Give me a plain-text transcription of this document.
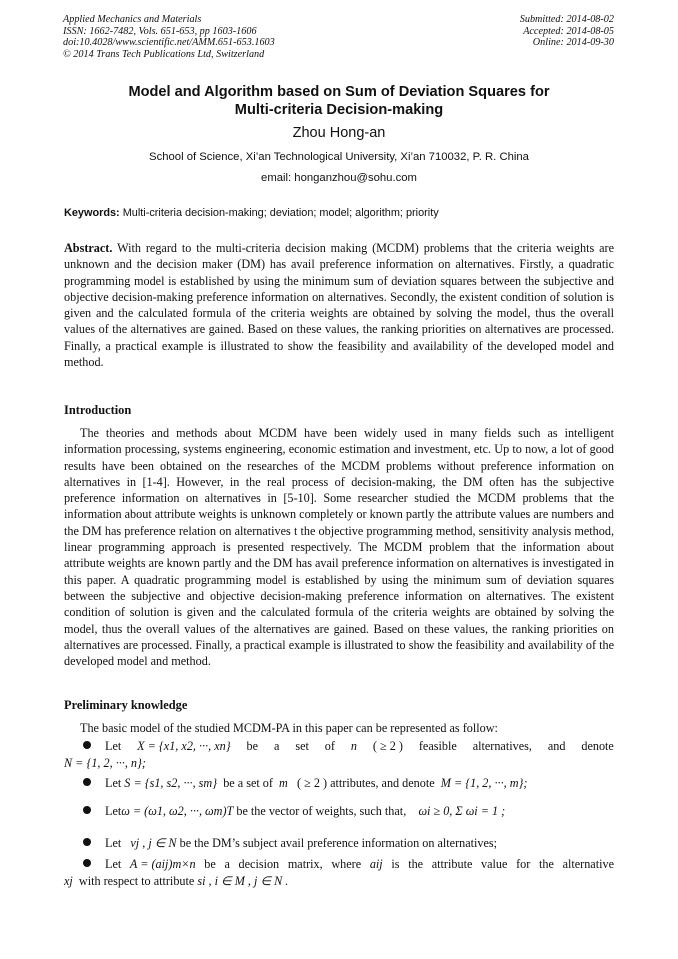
Applied Mechanics and Materials
ISSN: 1662-7482, Vols. 651-653, pp 1603-1606
doi:10.4028/www.scientific.net/AMM.651-653.1603
© 2014 Trans Tech Publications Ltd, Switzerland
Submitted: 2014-08-02
Accepted: 2014-08-05
Online: 2014-09-30
Model and Algorithm based on Sum of Deviation Squares for
Multi-criteria Decision-making
Zhou Hong-an
School of Science, Xi’an Technological University, Xi’an 710032, P. R. China
email: honganzhou@sohu.com
Keywords: Multi-criteria decision-making; deviation; model; algorithm; priority

Abstract. With regard to the multi-criteria decision making (MCDM) problems that the criteria weights are unknown and the decision maker (DM) has avail preference information on alternatives. Firstly, a quadratic programming model is established by using the minimum sum of deviation squares between the subjective and objective decision-making preference information on alternatives. Secondly, the existent condition of solution is given and the calculated formula of the criteria weights are obtained by solving the model, thus the overall values of the alternatives are gained. Based on these values, the ranking priorities on alternatives are processed. Finally, a practical example is illustrated to show the feasibility and availability of the developed model and method.

Introduction

The theories and methods about MCDM have been widely used in many fields such as intelligent information processing, systems engineering, economic estimation and investment, etc. Up to now, a lot of good results have been obtained on the researches of the MCDM problems without preference information on alternatives in [1-4]. However, in the real process of decision-making, the DM often has the subjective preference information on alternatives in [5-10]. Some researcher studied the MCDM problems that the information about attribute weights is unknown completely or known partly the attribute values are numbers and the DM has preference relation on alternatives t the objective programming method, sensitivity analysis method, linear programming approach is presented respectively. The MCDM problem that the information about attribute weights are known partly and the DM has avail preference information on alternatives is investigated in this paper. A quadratic programming model is established by using the minimum sum of deviation squares between the subjective and objective decision-making preference information on alternatives. The existent condition of solution is given and the calculated formula of the criteria weights are obtained by solving the model, thus the overall values of the alternatives are gained. Based on these values, the ranking priorities on alternatives are processed. Finally, a practical example is illustrated to show the feasibility and availability of the developed model and method.

Preliminary knowledge
The basic model of the studied MCDM-PA in this paper can be represented as follow:
Let X = {x1, x2, ···, xn} be a set of n ( ≥ 2 ) feasible alternatives, and denote
N = {1, 2, ···, n};
Let
S = {s1, s2, ···, sm}
be a set of
m
( ≥ 2 )
attributes, and denote
M = {1, 2, ···, m};
Let ω = (ω1, ω2, ···, ωm)T
be the vector of weights, such that,
ωi ≥ 0, Σ ωi = 1 ;
Let
vj , j ∈ N
be the DM’s subject avail preference information on alternatives;
Let A = (aij)m×n be a decision matrix, where aij is the attribute value for the alternative
xj with respect to attribute si , i ∈ M , j ∈ N .
